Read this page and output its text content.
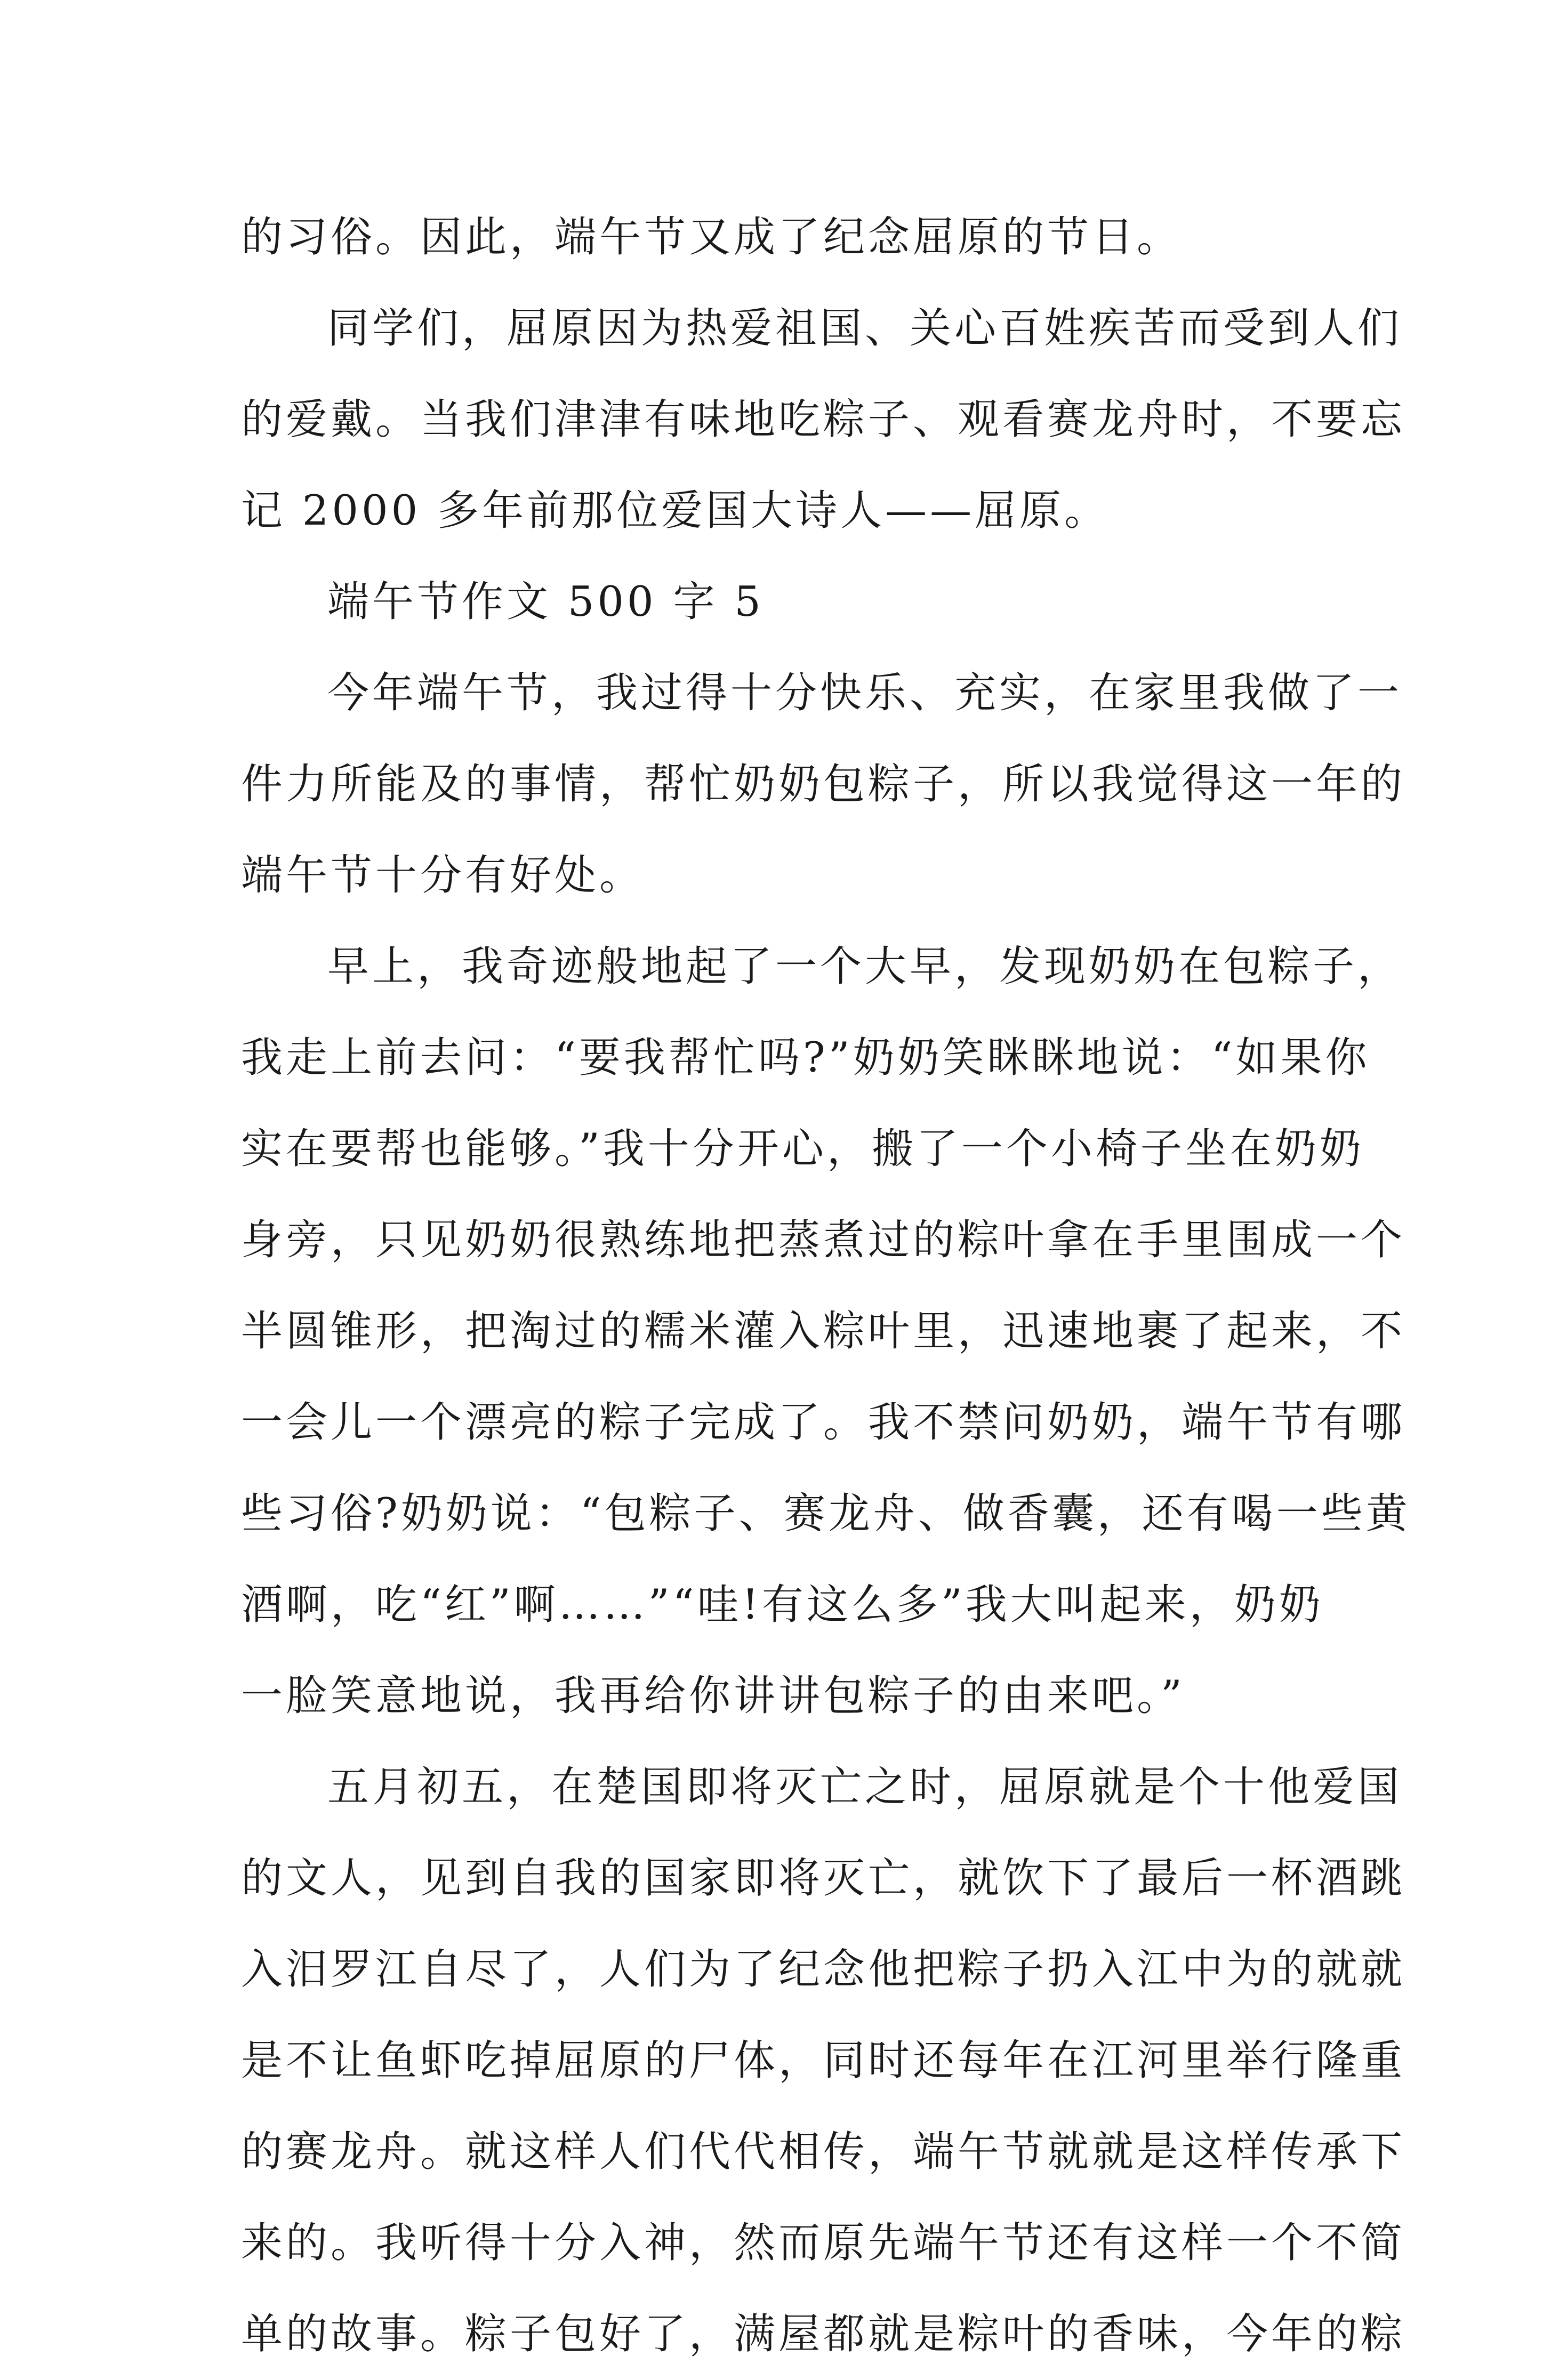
的习俗。因此，端午节又成了纪念屈原的节日。
同学们，屈原因为热爱祖国、关心百姓疾苦而受到人们
的爱戴。当我们津津有味地吃粽子、观看赛龙舟时，不要忘
记 2000 多年前那位爱国大诗人——屈原。
端午节作文 500 字 5
今年端午节，我过得十分快乐、充实，在家里我做了一
件力所能及的事情，帮忙奶奶包粽子，所以我觉得这一年的
端午节十分有好处。
早上，我奇迹般地起了一个大早，发现奶奶在包粽子，
我走上前去问：“要我帮忙吗?”奶奶笑眯眯地说：“如果你
实在要帮也能够。”我十分开心，搬了一个小椅子坐在奶奶
身旁，只见奶奶很熟练地把蒸煮过的粽叶拿在手里围成一个
半圆锥形，把淘过的糯米灌入粽叶里，迅速地裹了起来，不
一会儿一个漂亮的粽子完成了。我不禁问奶奶，端午节有哪
些习俗?奶奶说：“包粽子、赛龙舟、做香囊，还有喝一些黄
酒啊，吃“红”啊……”“哇!有这么多”我大叫起来，奶奶
一脸笑意地说，我再给你讲讲包粽子的由来吧。”
五月初五，在楚国即将灭亡之时，屈原就是个十他爱国
的文人，见到自我的国家即将灭亡，就饮下了最后一杯酒跳
入汨罗江自尽了，人们为了纪念他把粽子扔入江中为的就就
是不让鱼虾吃掉屈原的尸体，同时还每年在江河里举行隆重
的赛龙舟。就这样人们代代相传，端午节就就是这样传承下
来的。我听得十分入神，然而原先端午节还有这样一个不简
单的故事。粽子包好了，满屋都就是粽叶的香味，今年的粽
